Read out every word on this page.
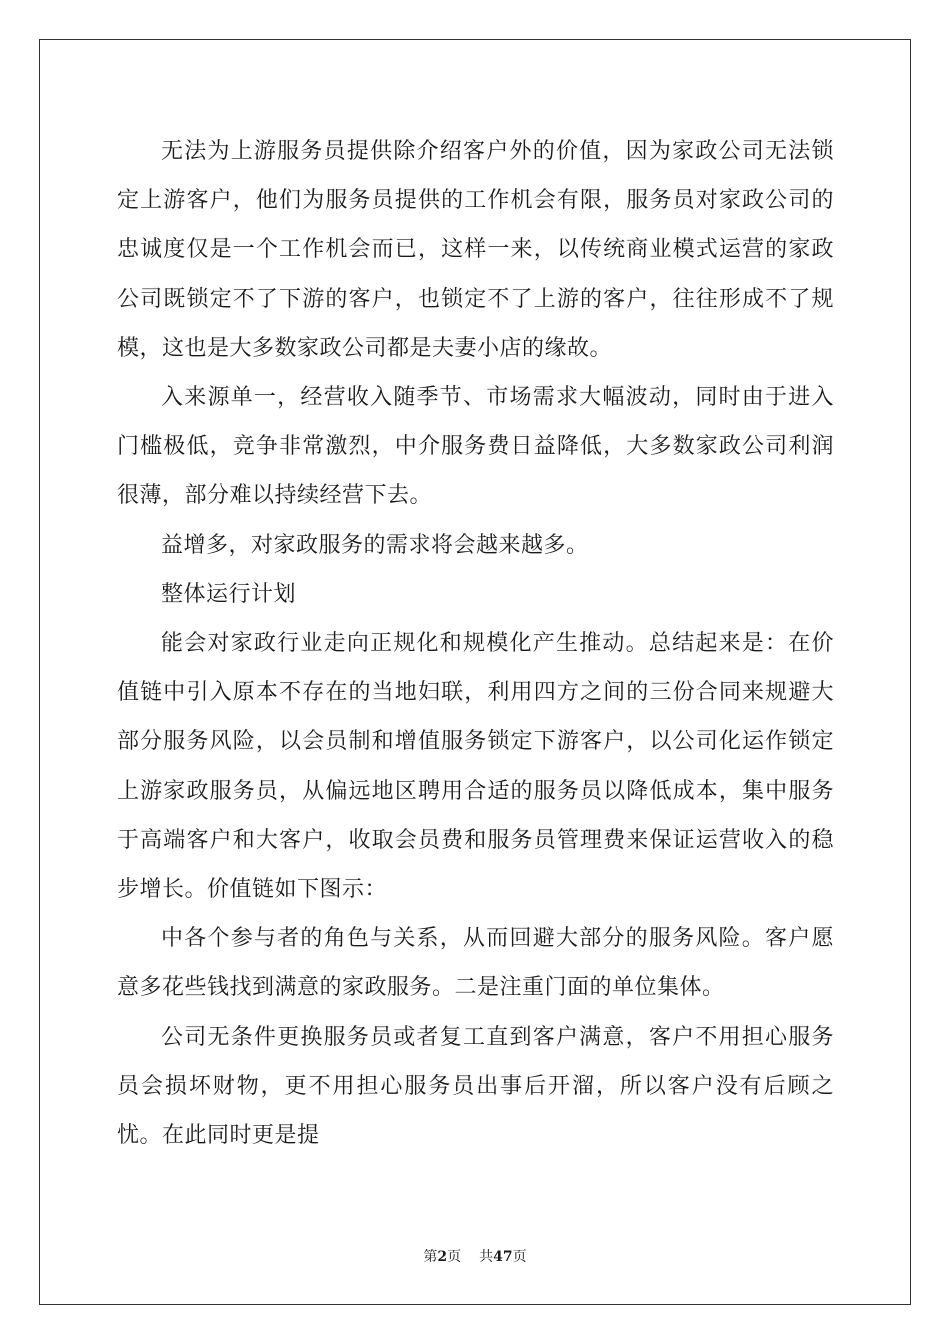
无法为上游服务员提供除介绍客户外的价值，因为家政公司无法锁定上游客户，他们为服务员提供的工作机会有限，服务员对家政公司的忠诚度仅是一个工作机会而已，这样一来，以传统商业模式运营的家政公司既锁定不了下游的客户，也锁定不了上游的客户，往往形成不了规模，这也是大多数家政公司都是夫妻小店的缘故。

入来源单一，经营收入随季节、市场需求大幅波动，同时由于进入门槛极低，竞争非常激烈，中介服务费日益降低，大多数家政公司利润很薄，部分难以持续经营下去。

益增多，对家政服务的需求将会越来越多。

整体运行计划

能会对家政行业走向正规化和规模化产生推动。总结起来是：在价值链中引入原本不存在的当地妇联，利用四方之间的三份合同来规避大部分服务风险，以会员制和增值服务锁定下游客户，以公司化运作锁定上游家政服务员，从偏远地区聘用合适的服务员以降低成本，集中服务于高端客户和大客户，收取会员费和服务员管理费来保证运营收入的稳步增长。价值链如下图示：

中各个参与者的角色与关系，从而回避大部分的服务风险。客户愿意多花些钱找到满意的家政服务。二是注重门面的单位集体。

公司无条件更换服务员或者复工直到客户满意，客户不用担心服务员会损坏财物，更不用担心服务员出事后开溜，所以客户没有后顾之忧。在此同时更是提

第2页 共47页
